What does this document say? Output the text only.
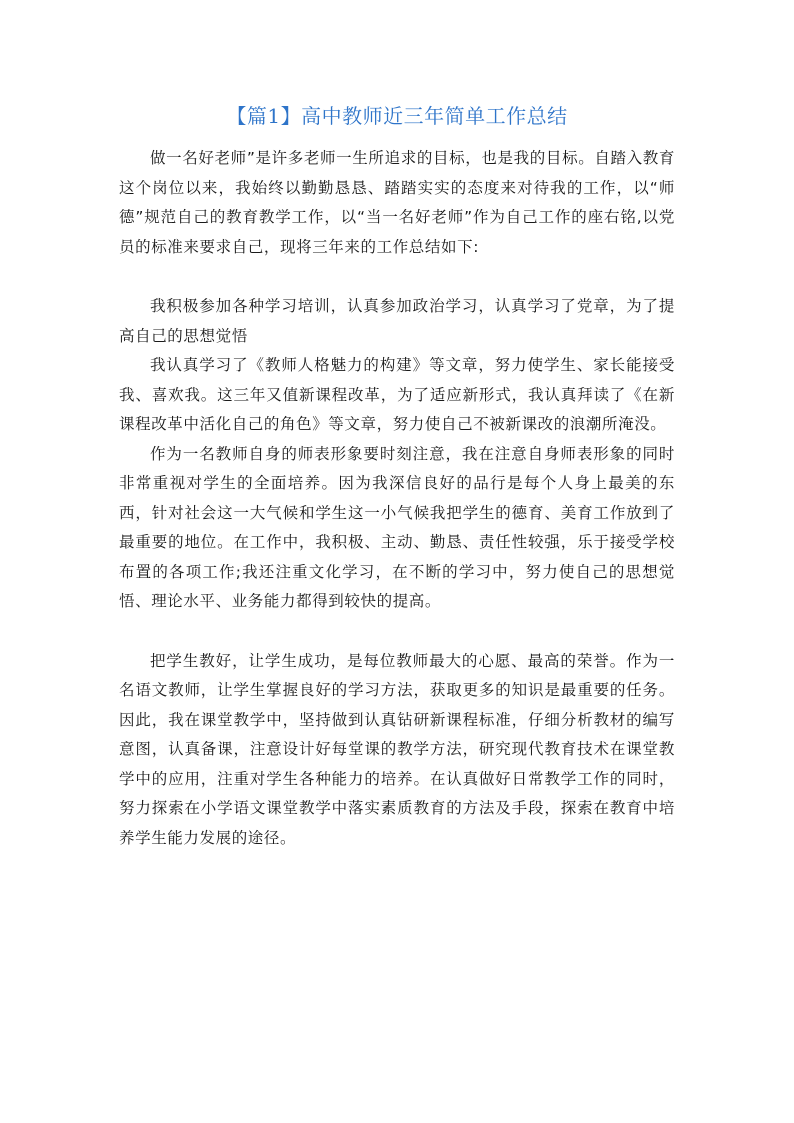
【篇1】高中教师近三年简单工作总结

做一名好老师”是许多老师一生所追求的目标，也是我的目标。自踏入教育这个岗位以来，我始终以勤勤恳恳、踏踏实实的态度来对待我的工作，以“师德”规范自己的教育教学工作，以“当一名好老师”作为自己工作的座右铭,以党员的标准来要求自己，现将三年来的工作总结如下:

我积极参加各种学习培训，认真参加政治学习，认真学习了党章，为了提高自己的思想觉悟

我认真学习了《教师人格魅力的构建》等文章，努力使学生、家长能接受我、喜欢我。这三年又值新课程改革，为了适应新形式，我认真拜读了《在新课程改革中活化自己的角色》等文章，努力使自己不被新课改的浪潮所淹没。

作为一名教师自身的师表形象要时刻注意，我在注意自身师表形象的同时非常重视对学生的全面培养。因为我深信良好的品行是每个人身上最美的东西，针对社会这一大气候和学生这一小气候我把学生的德育、美育工作放到了最重要的地位。在工作中，我积极、主动、勤恳、责任性较强，乐于接受学校布置的各项工作;我还注重文化学习，在不断的学习中，努力使自己的思想觉悟、理论水平、业务能力都得到较快的提高。

把学生教好，让学生成功，是每位教师最大的心愿、最高的荣誉。作为一名语文教师，让学生掌握良好的学习方法，获取更多的知识是最重要的任务。因此，我在课堂教学中，坚持做到认真钻研新课程标准，仔细分析教材的编写意图，认真备课，注意设计好每堂课的教学方法，研究现代教育技术在课堂教学中的应用，注重对学生各种能力的培养。在认真做好日常教学工作的同时，努力探索在小学语文课堂教学中落实素质教育的方法及手段，探索在教育中培养学生能力发展的途径。
